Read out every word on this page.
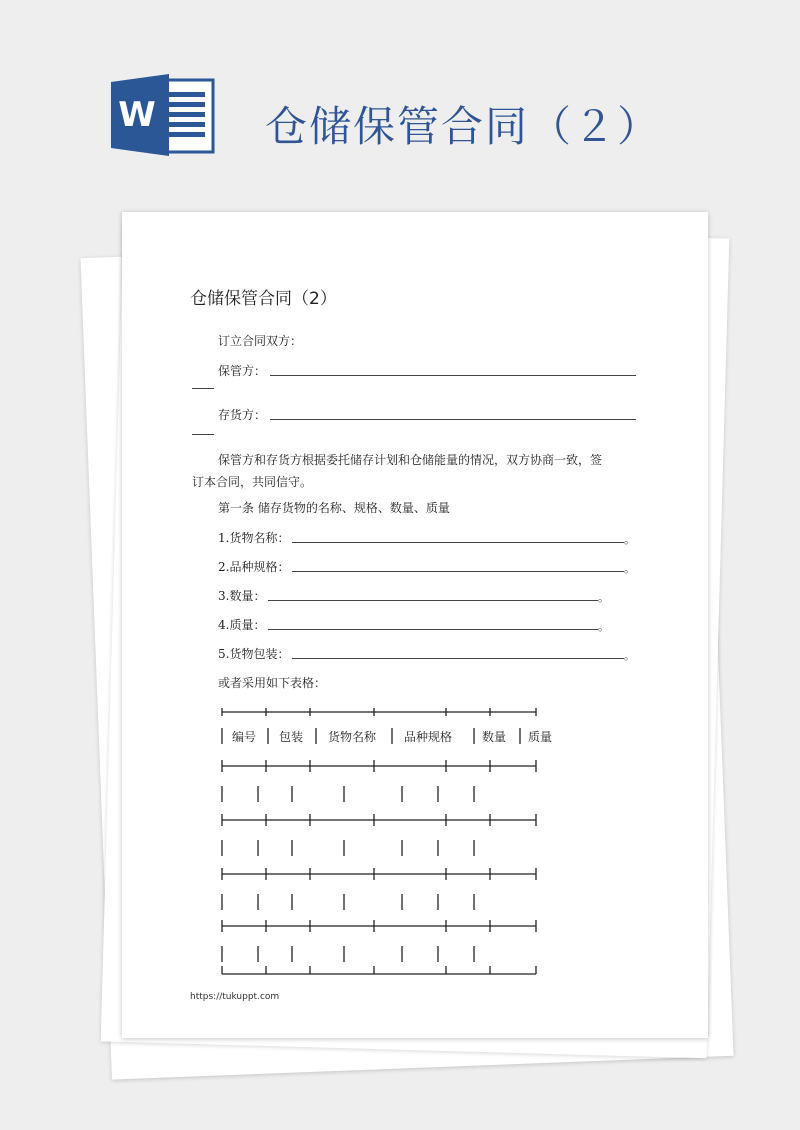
W	仓储保管合同（２）
仓储保管合同（2）
订立合同双方：
保管方：
存货方：
保管方和存货方根据委托储存计划和仓储能量的情况，双方协商一致，签
订本合同，共同信守。
第一条 储存货物的名称、规格、数量、质量
1.货物名称：	。
2.品种规格：	。
3.数量：	。
4.质量：	。
5.货物包装：	。
或者采用如下表格：
编号 包装 货物名称 品种规格 数量 质量
https://tukuppt.com
